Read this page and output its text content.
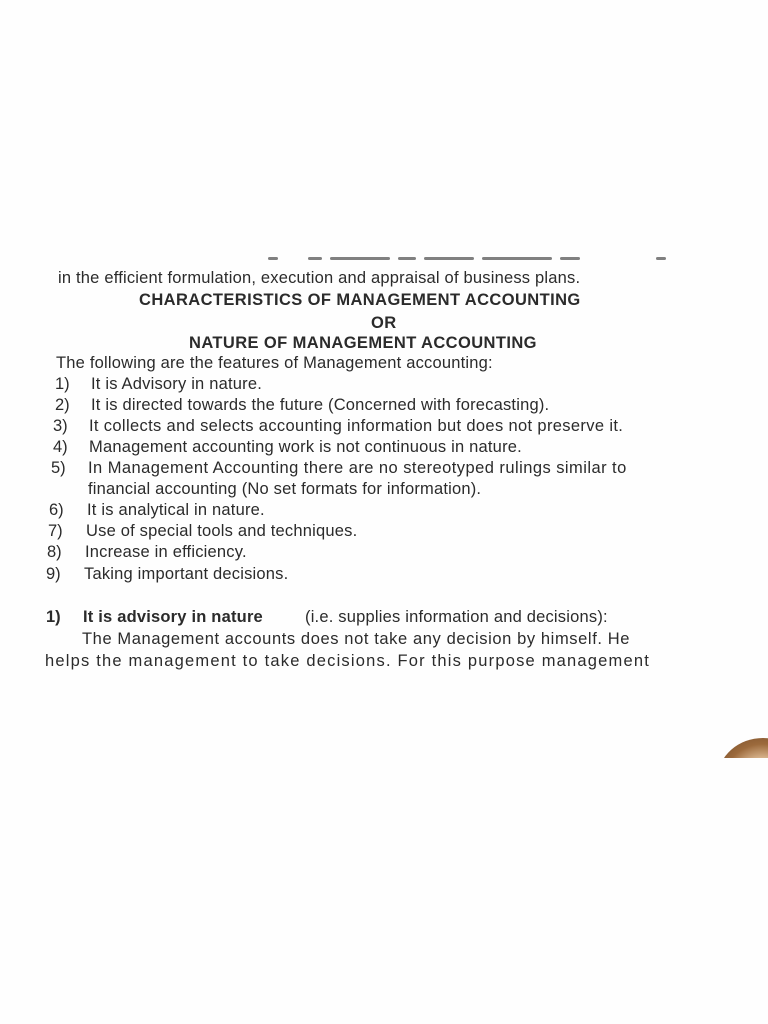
in the efficient formulation, execution and appraisal of business plans.
CHARACTERISTICS OF MANAGEMENT ACCOUNTING
OR
NATURE OF MANAGEMENT ACCOUNTING
The following are the features of Management accounting:
1) It is Advisory in nature.
2) It is directed towards the future (Concerned with forecasting).
3) It collects and selects accounting information but does not preserve it.
4) Management accounting work is not continuous in nature.
5) In Management Accounting there are no stereotyped rulings similar to
financial accounting (No set formats for information).
6) It is analytical in nature.
7) Use of special tools and techniques.
8) Increase in efficiency.
9) Taking important decisions.
1) It is advisory in nature	(i.e. supplies information and decisions):
The Management accounts does not take any decision by himself. He
helps the management to take decisions. For this purpose management
